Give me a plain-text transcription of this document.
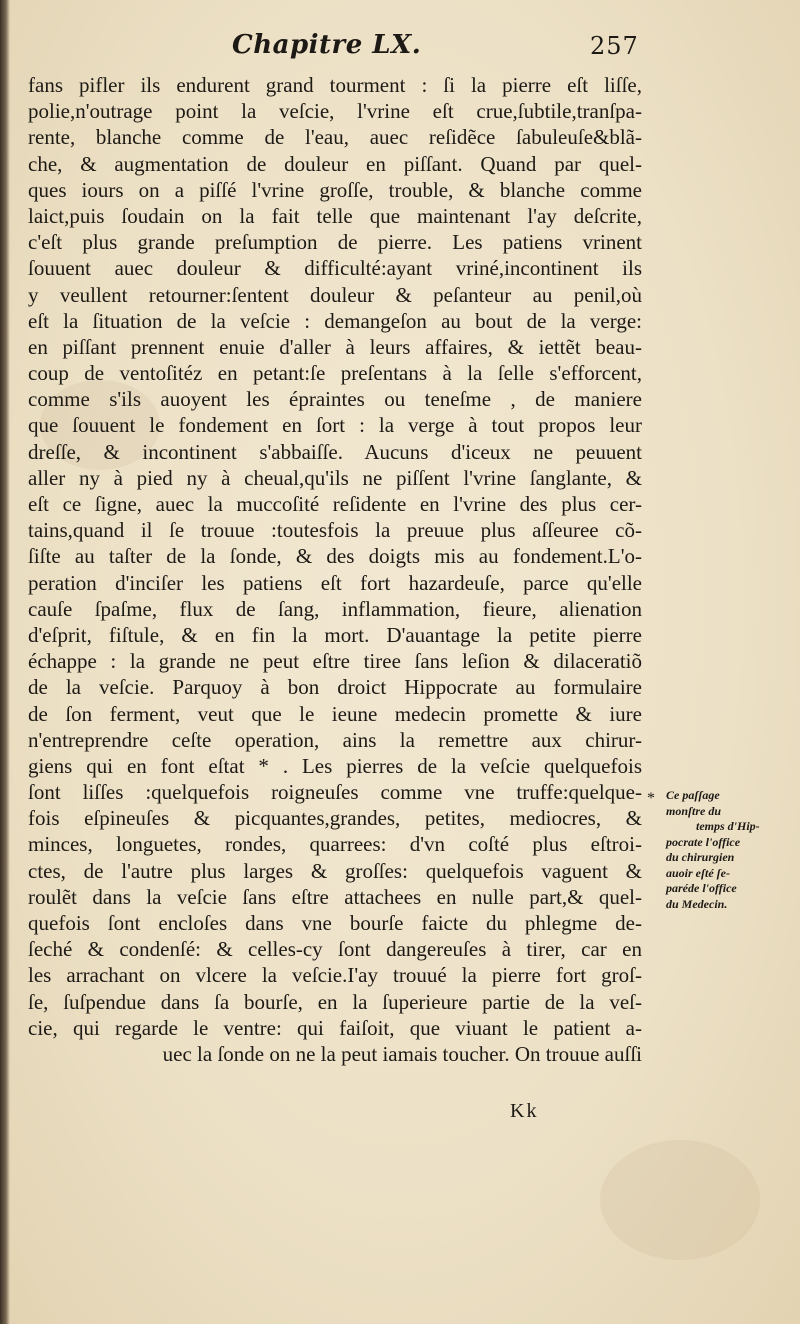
Chapitre LX.	257
fans pifler ils endurent grand tourment : ſi la pierre eſt liſſe,
polie,n'outrage point la veſcie, l'vrine eſt crue,ſubtile,tranſpa-
rente, blanche comme de l'eau, auec reſidẽce ſabuleuſe&blã-
che, & augmentation de douleur en piſſant. Quand par quel-
ques iours on a piſſé l'vrine groſſe, trouble, & blanche comme
laict,puis ſoudain on la fait telle que maintenant l'ay deſcrite,
c'eſt plus grande preſumption de pierre. Les patiens vrinent
ſouuent auec douleur & difficulté:ayant vriné,incontinent ils
y veullent retourner:ſentent douleur & peſanteur au penil,où
eſt la ſituation de la veſcie : demangeſon au bout de la verge:
en piſſant prennent enuie d'aller à leurs affaires, & iettẽt beau-
coup de ventoſitéz en petant:ſe preſentans à la ſelle s'efforcent,
comme s'ils auoyent les épraintes ou teneſme , de maniere
que ſouuent le fondement en ſort : la verge à tout propos leur
dreſſe, & incontinent s'abbaiſſe. Aucuns d'iceux ne peuuent
aller ny à pied ny à cheual,qu'ils ne piſſent l'vrine ſanglante, &
eſt ce ſigne, auec la muccoſité reſidente en l'vrine des plus cer-
tains,quand il ſe trouue :toutesfois la preuue plus aſſeuree cõ-
ſiſte au taſter de la ſonde, & des doigts mis au fondement.L'o-
peration d'inciſer les patiens eſt fort hazardeuſe, parce qu'elle
cauſe ſpaſme, flux de ſang, inflammation, fieure, alienation
d'eſprit, fiſtule, & en fin la mort. D'auantage la petite pierre
échappe : la grande ne peut eſtre tiree ſans leſion & dilaceratiõ
de la veſcie. Parquoy à bon droict Hippocrate au formulaire
de ſon ferment, veut que le ieune medecin promette & iure
n'entreprendre ceſte operation, ains la remettre aux chirur-
giens qui en font eſtat * . Les pierres de la veſcie quelquefois
ſont liſſes :quelquefois roigneuſes comme vne truffe:quelque-
fois eſpineuſes & picquantes,grandes, petites, mediocres, &
minces, longuetes, rondes, quarrees: d'vn coſté plus eſtroi-
ctes, de l'autre plus larges & groſſes: quelquefois vaguent &
roulẽt dans la veſcie ſans eſtre attachees en nulle part,& quel-
quefois ſont encloſes dans vne bourſe faicte du phlegme de-
ſeché & condenſé: & celles-cy ſont dangereuſes à tirer, car en
les arrachant on vlcere la veſcie.I'ay trouué la pierre fort groſ-
ſe, ſuſpendue dans ſa bourſe, en la ſuperieure partie de la veſ-
cie, qui regarde le ventre: qui faiſoit, que viuant le patient a-
uec la ſonde on ne la peut iamais toucher. On trouue auſſi
* Ce paſſage
monſtre du
temps d'Hip-
pocrate l'office
du chirurgien
auoir eſté ſe-
paréde l'office
du Medecin.
Kk
